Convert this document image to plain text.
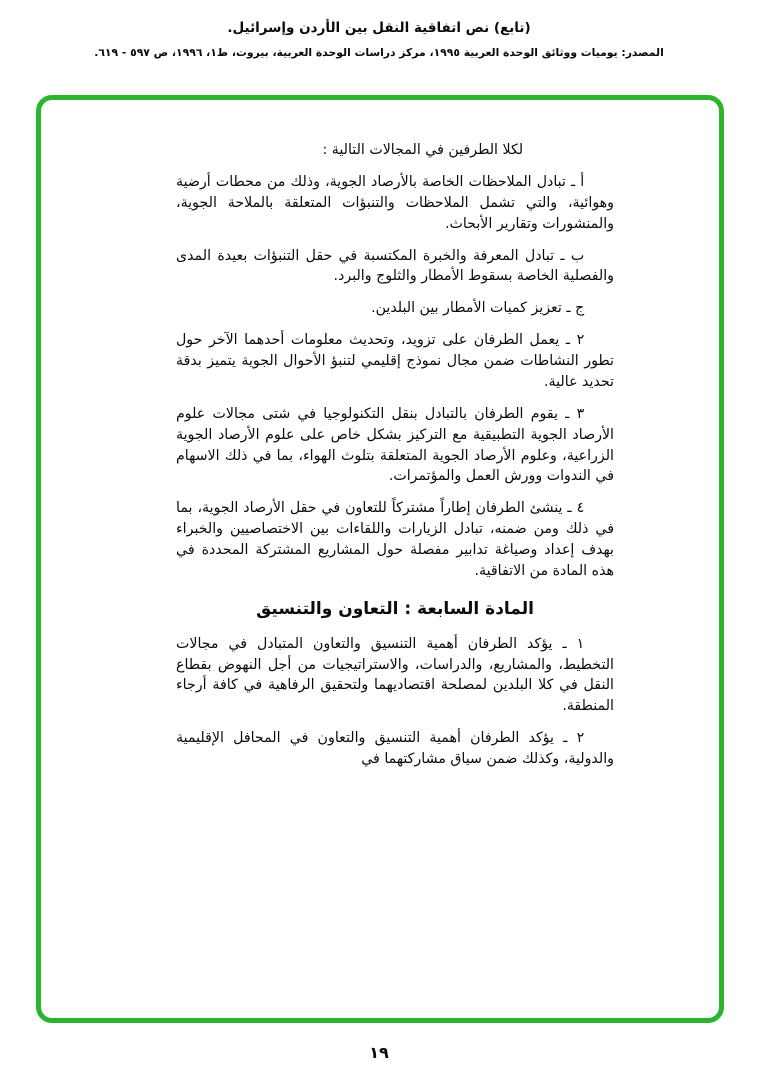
(تابع) نص اتفاقية النقل بين الأردن وإسرائيل.
المصدر: يوميات ووثائق الوحدة العربية ١٩٩٥، مركز دراسات الوحدة العربية، بيروت، ط١، ١٩٩٦، ص ٥٩٧ - ٦١٩.

لكلا الطرفين في المجالات التالية :

أ ـ تبادل الملاحظات الخاصة بالأرصاد الجوية، وذلك من محطات أرضية وهوائية، والتي تشمل الملاحظات والتنبؤات المتعلقة بالملاحة الجوية، والمنشورات وتقارير الأبحاث.

ب ـ تبادل المعرفة والخبرة المكتسبة في حقل التنبؤات بعيدة المدى والفصلية الخاصة بسقوط الأمطار والثلوج والبرد.

ج ـ تعزيز كميات الأمطار بين البلدين.

٢ ـ يعمل الطرفان على تزويد، وتحديث معلومات أحدهما الآخر حول تطور النشاطات ضمن مجال نموذج إقليمي لتنبؤ الأحوال الجوية يتميز بدقة تحديد عالية.

٣ ـ يقوم الطرفان بالتبادل بنقل التكنولوجيا في شتى مجالات علوم الأرصاد الجوية التطبيقية مع التركيز بشكل خاص على علوم الأرصاد الجوية الزراعية، وعلوم الأرصاد الجوية المتعلقة بتلوث الهواء، بما في ذلك الاسهام في الندوات وورش العمل والمؤتمرات.

٤ ـ ينشئ الطرفان إطاراً مشتركاً للتعاون في حقل الأرصاد الجوية، بما في ذلك ومن ضمنه، تبادل الزيارات واللقاءات بين الاختصاصيين والخبراء بهدف إعداد وصياغة تدابير مفصلة حول المشاريع المشتركة المحددة في هذه المادة من الاتفاقية.

المادة السابعة : التعاون والتنسيق

١ ـ يؤكد الطرفان أهمية التنسيق والتعاون المتبادل في مجالات التخطيط، والمشاريع، والدراسات، والاستراتيجيات من أجل النهوض بقطاع النقل في كلا البلدين لمصلحة اقتصاديهما ولتحقيق الرفاهية في كافة أرجاء المنطقة.

٢ ـ يؤكد الطرفان أهمية التنسيق والتعاون في المحافل الإقليمية والدولية، وكذلك ضمن سياق مشاركتهما في

١٩
